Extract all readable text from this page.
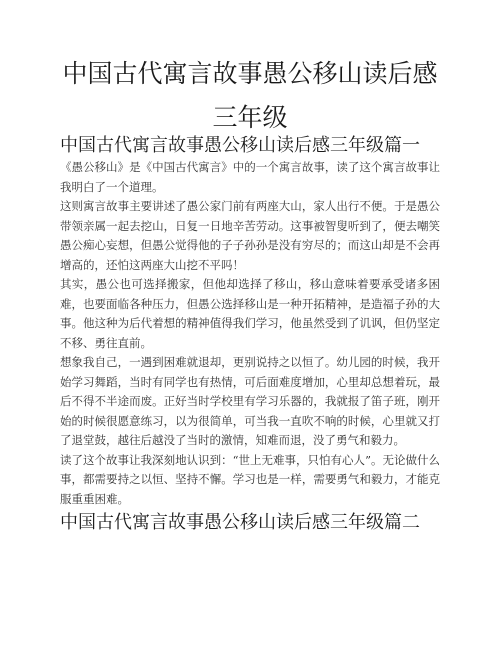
中国古代寓言故事愚公移山读后感三年级
中国古代寓言故事愚公移山读后感三年级篇一

《愚公移山》是《中国古代寓言》中的一个寓言故事，读了这个寓言故事让我明白了一个道理。

这则寓言故事主要讲述了愚公家门前有两座大山，家人出行不便。于是愚公带领亲属一起去挖山，日复一日地辛苦劳动。这事被智叟听到了，便去嘲笑愚公痴心妄想，但愚公觉得他的子子孙孙是没有穷尽的；而这山却是不会再增高的，还怕这两座大山挖不平吗！

其实，愚公也可选择搬家，但他却选择了移山，移山意味着要承受诸多困难，也要面临各种压力，但愚公选择移山是一种开拓精神，是造福子孙的大事。他这种为后代着想的精神值得我们学习，他虽然受到了讥讽，但仍坚定不移、勇往直前。

想象我自己，一遇到困难就退却，更别说持之以恒了。幼儿园的时候，我开始学习舞蹈，当时有同学也有热情，可后面难度增加，心里却总想着玩，最后不得不半途而废。正好当时学校里有学习乐器的，我就报了笛子班，刚开始的时候很愿意练习，以为很简单，可当我一直吹不响的时候，心里就又打了退堂鼓，越往后越没了当时的激情，知难而退，没了勇气和毅力。

读了这个故事让我深刻地认识到：“世上无难事，只怕有心人”。无论做什么事，都需要持之以恒、坚持不懈。学习也是一样，需要勇气和毅力，才能克服重重困难。

中国古代寓言故事愚公移山读后感三年级篇二
